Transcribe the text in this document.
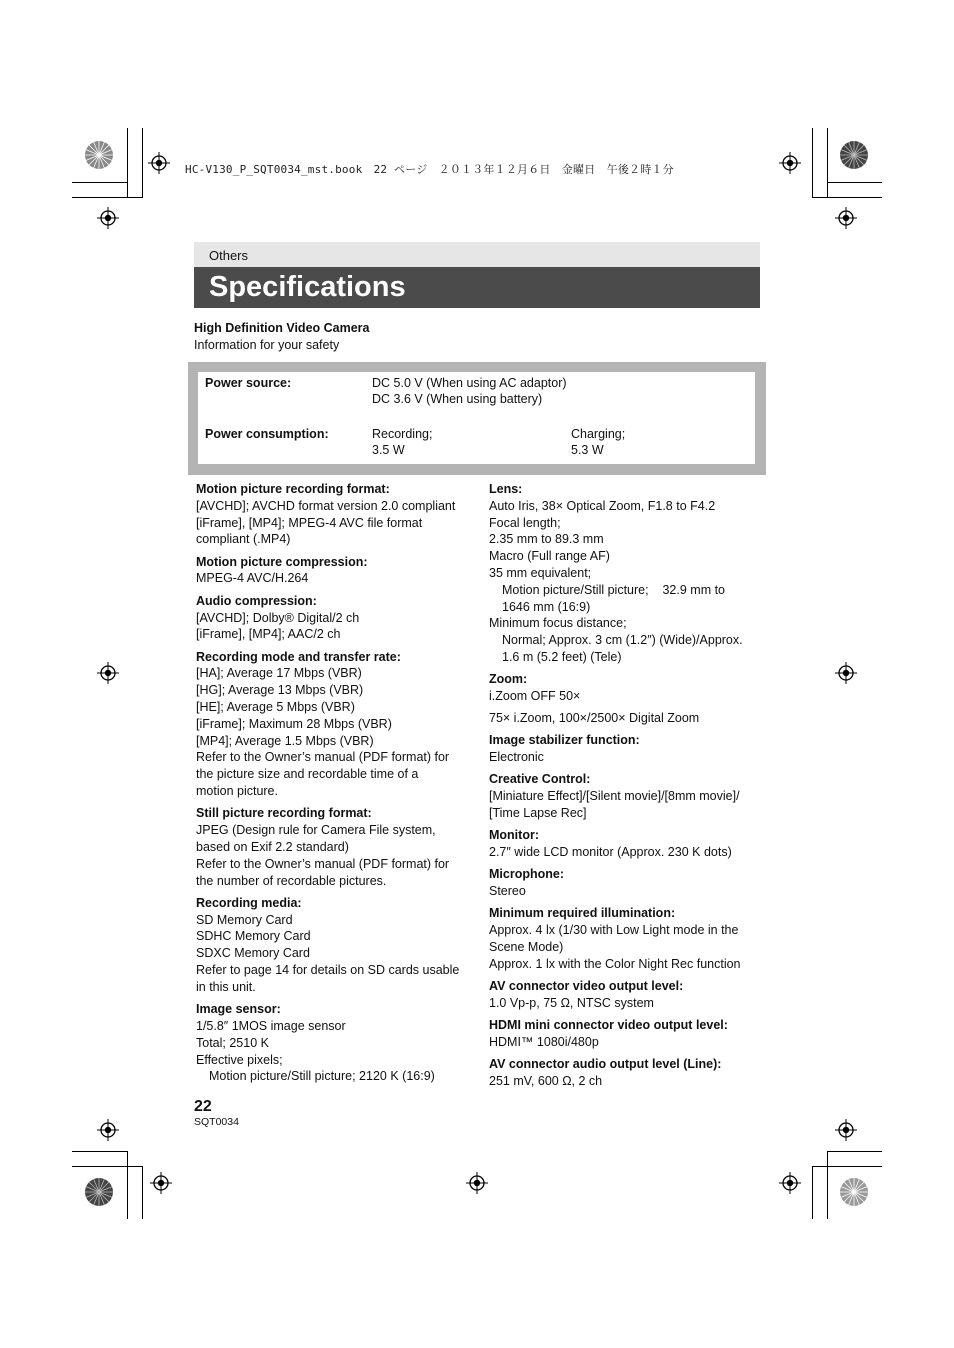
HC-V130_P_SQT0034_mst.book　22 ページ　２０１３年１２月６日　金曜日　午後２時１分
Others
Specifications
High Definition Video Camera
Information for your safety
Power source:	DC 5.0 V (When using AC adaptor)
DC 3.6 V (When using battery)
Power consumption:	Recording;
3.5 W
Charging;
5.3 W
Motion picture recording format:
[AVCHD]; AVCHD format version 2.0 compliant
[iFrame], [MP4]; MPEG-4 AVC file format
compliant (.MP4)
Motion picture compression:
MPEG-4 AVC/H.264
Audio compression:
[AVCHD]; Dolby® Digital/2 ch
[iFrame], [MP4]; AAC/2 ch
Recording mode and transfer rate:
[HA]; Average 17 Mbps (VBR)
[HG]; Average 13 Mbps (VBR)
[HE]; Average 5 Mbps (VBR)
[iFrame]; Maximum 28 Mbps (VBR)
[MP4]; Average 1.5 Mbps (VBR)
Refer to the Owner’s manual (PDF format) for
the picture size and recordable time of a
motion picture.
Still picture recording format:
JPEG (Design rule for Camera File system,
based on Exif 2.2 standard)
Refer to the Owner’s manual (PDF format) for
the number of recordable pictures.
Recording media:
SD Memory Card
SDHC Memory Card
SDXC Memory Card
Refer to page 14 for details on SD cards usable
in this unit.
Image sensor:
1/5.8″ 1MOS image sensor
Total; 2510 K
Effective pixels;
Motion picture/Still picture; 2120 K (16:9)
Lens:
Auto Iris, 38× Optical Zoom, F1.8 to F4.2
Focal length;
2.35 mm to 89.3 mm
Macro (Full range AF)
35 mm equivalent;
Motion picture/Still picture;    32.9 mm to
1646 mm (16:9)
Minimum focus distance;
Normal; Approx. 3 cm (1.2″) (Wide)/Approx.
1.6 m (5.2 feet) (Tele)
Zoom:
i.Zoom OFF 50×
75× i.Zoom, 100×/2500× Digital Zoom
Image stabilizer function:
Electronic
Creative Control:
[Miniature Effect]/[Silent movie]/[8mm movie]/
[Time Lapse Rec]
Monitor:
2.7″ wide LCD monitor (Approx. 230 K dots)
Microphone:
Stereo
Minimum required illumination:
Approx. 4 lx (1/30 with Low Light mode in the
Scene Mode)
Approx. 1 lx with the Color Night Rec function
AV connector video output level:
1.0 Vp-p, 75 Ω, NTSC system
HDMI mini connector video output level:
HDMI™ 1080i/480p
AV connector audio output level (Line):
251 mV, 600 Ω, 2 ch
22
SQT0034
